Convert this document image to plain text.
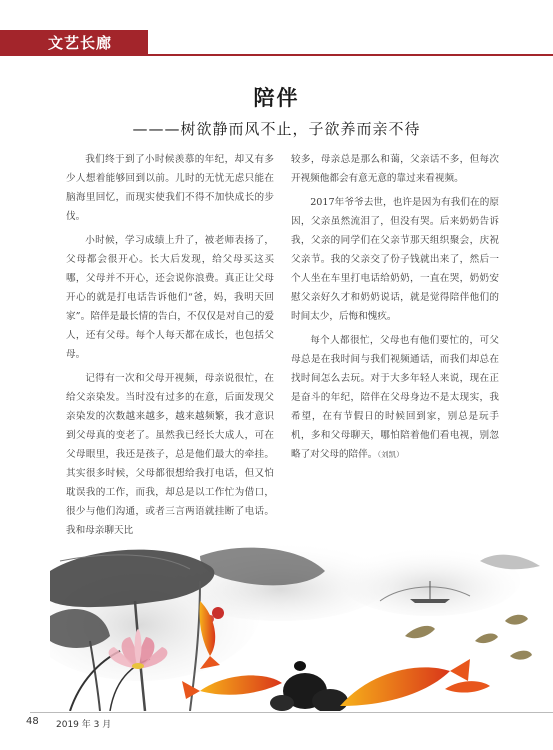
文艺长廊
陪伴
———树欲静而风不止，子欲养而亲不待

我们终于到了小时候羡慕的年纪，却又有多少人想着能够回到以前。儿时的无忧无虑只能在脑海里回忆，而现实使我们不得不加快成长的步伐。

小时候，学习成绩上升了，被老师表扬了，父母都会很开心。长大后发现，给父母买这买哪，父母并不开心，还会说你浪费。真正让父母开心的就是打电话告诉他们“爸，妈，我明天回家”。陪伴是最长情的告白，不仅仅是对自己的爱人，还有父母。每个人每天都在成长，也包括父母。

记得有一次和父母开视频，母亲说很忙，在给父亲染发。当时没有过多的在意，后面发现父亲染发的次数越来越多，越来越频繁，我才意识到父母真的变老了。虽然我已经长大成人，可在父母眼里，我还是孩子，总是他们最大的牵挂。其实很多时候，父母都很想给我打电话，但又怕耽误我的工作，而我，却总是以工作忙为借口，很少与他们沟通，或者三言两语就挂断了电话。我和母亲聊天比

较多，母亲总是那么和蔼，父亲话不多，但每次开视频他都会有意无意的靠过来看视频。

2017年爷爷去世，也许是因为有我们在的原因，父亲虽然流泪了，但没有哭。后来奶奶告诉我，父亲的同学们在父亲节那天组织聚会，庆祝父亲节。我的父亲交了份子钱就出来了，然后一个人坐在车里打电话给奶奶，一直在哭，奶奶安慰父亲好久才和奶奶说话，就是觉得陪伴他们的时间太少，后悔和愧疚。

每个人都很忙，父母也有他们要忙的，可父母总是在我时间与我们视频通话，而我们却总在找时间怎么去玩。对于大多年轻人来说，现在正是奋斗的年纪，陪伴在父母身边不是太现实，我希望，在有节假日的时候回到家，别总是玩手机，多和父母聊天，哪怕陪着他们看电视，别忽略了对父母的陪伴。（刘凯）

48 2019 年 3 月
